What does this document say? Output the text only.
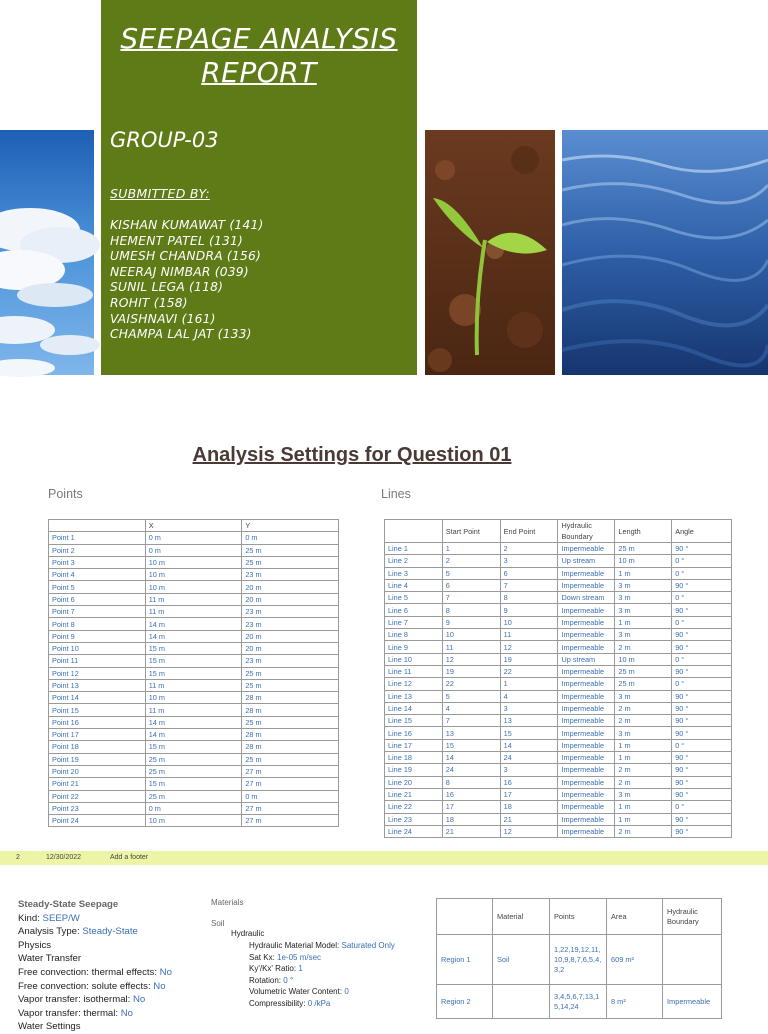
SEEPAGE ANALYSIS
REPORT
GROUP-03
SUBMITTED BY:
KISHAN KUMAWAT (141)
HEMENT PATEL (131)
UMESH CHANDRA (156)
NEERAJ NIMBAR (039)
SUNIL LEGA (118)
ROHIT (158)
VAISHNAVI (161)
CHAMPA LAL JAT (133)
Analysis Settings for Question 01
Points	Lines
	X	Y
Point 1	0 m	0 m
Point 2	0 m	25 m
Point 3	10 m	25 m
Point 4	10 m	23 m
Point 5	10 m	20 m
Point 6	11 m	20 m
Point 7	11 m	23 m
Point 8	14 m	23 m
Point 9	14 m	20 m
Point 10	15 m	20 m
Point 11	15 m	23 m
Point 12	15 m	25 m
Point 13	11 m	25 m
Point 14	10 m	28 m
Point 15	11 m	28 m
Point 16	14 m	25 m
Point 17	14 m	28 m
Point 18	15 m	28 m
Point 19	25 m	25 m
Point 20	25 m	27 m
Point 21	15 m	27 m
Point 22	25 m	0 m
Point 23	0 m	27 m
Point 24	10 m	27 m
	Start Point	End Point	Hydraulic Boundary	Length	Angle
Line 1	1	2	Impermeable	25 m	90 °
Line 2	2	3	Up stream	10 m	0 °
Line 3	5	6	Impermeable	1 m	0 °
Line 4	6	7	Impermeable	3 m	90 °
Line 5	7	8	Down stream	3 m	0 °
Line 6	8	9	Impermeable	3 m	90 °
Line 7	9	10	Impermeable	1 m	0 °
Line 8	10	11	Impermeable	3 m	90 °
Line 9	11	12	Impermeable	2 m	90 °
Line 10	12	19	Up stream	10 m	0 °
Line 11	19	22	Impermeable	25 m	90 °
Line 12	22	1	Impermeable	25 m	0 °
Line 13	5	4	Impermeable	3 m	90 °
Line 14	4	3	Impermeable	2 m	90 °
Line 15	7	13	Impermeable	2 m	90 °
Line 16	13	15	Impermeable	3 m	90 °
Line 17	15	14	Impermeable	1 m	0 °
Line 18	14	24	Impermeable	1 m	90 °
Line 19	24	3	Impermeable	2 m	90 °
Line 20	8	16	Impermeable	2 m	90 °
Line 21	16	17	Impermeable	3 m	90 °
Line 22	17	18	Impermeable	1 m	0 °
Line 23	18	21	Impermeable	1 m	90 °
Line 24	21	12	Impermeable	2 m	90 °
2	12/30/2022	Add a footer
Steady-State Seepage
Kind: SEEP/W
Analysis Type: Steady-State
Physics
Water Transfer
Free convection: thermal effects: No
Free convection: solute effects: No
Vapor transfer: isothermal: No
Vapor transfer: thermal: No
Water Settings
Materials
Soil
Hydraulic
Hydraulic Material Model: Saturated Only
Sat Kx: 1e-05 m/sec
Ky'/Kx' Ratio: 1
Rotation: 0 °
Volumetric Water Content: 0
Compressibility: 0 /kPa
	Material	Points	Area	Hydraulic Boundary
Region 1	Soil	1,22,19,12,11,10,9,8,7,6,5,4,3,2	609 m²	
Region 2		3,4,5,6,7,13,15,14,24	8 m²	Impermeable
